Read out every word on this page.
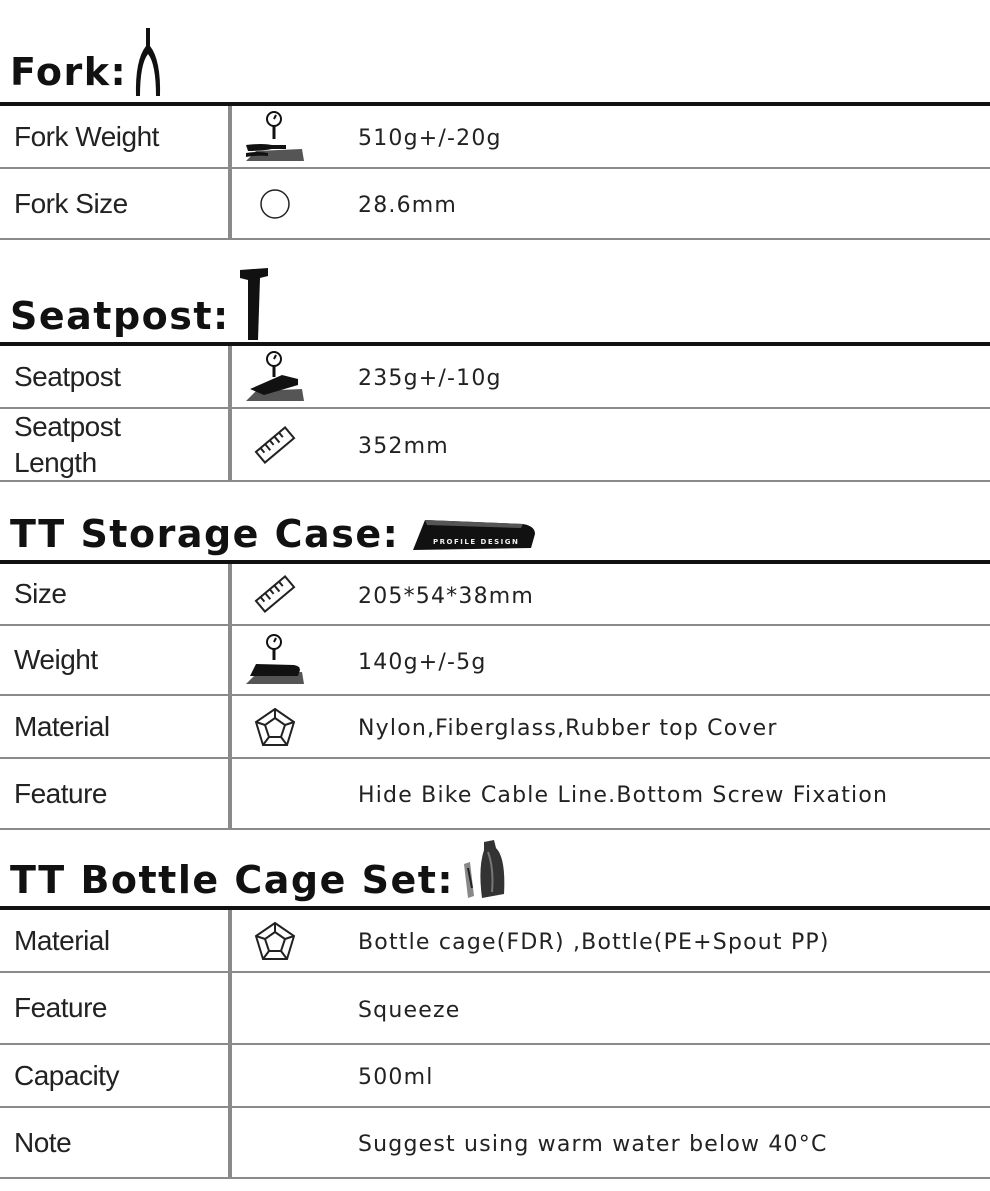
Fork:
Fork Weight	510g+/-20g
Fork Size	28.6mm
Seatpost:
Seatpost	235g+/-10g
Seatpost Length	352mm
TT Storage Case:	PROFILE DESIGN
Size	205*54*38mm
Weight	140g+/-5g
Material	Nylon,Fiberglass,Rubber top Cover
Feature	Hide Bike Cable Line.Bottom Screw Fixation
TT Bottle Cage Set:
Material	Bottle cage(FDR) ,Bottle(PE+Spout PP)
Feature	Squeeze
Capacity	500ml
Note	Suggest using warm water below 40°C
